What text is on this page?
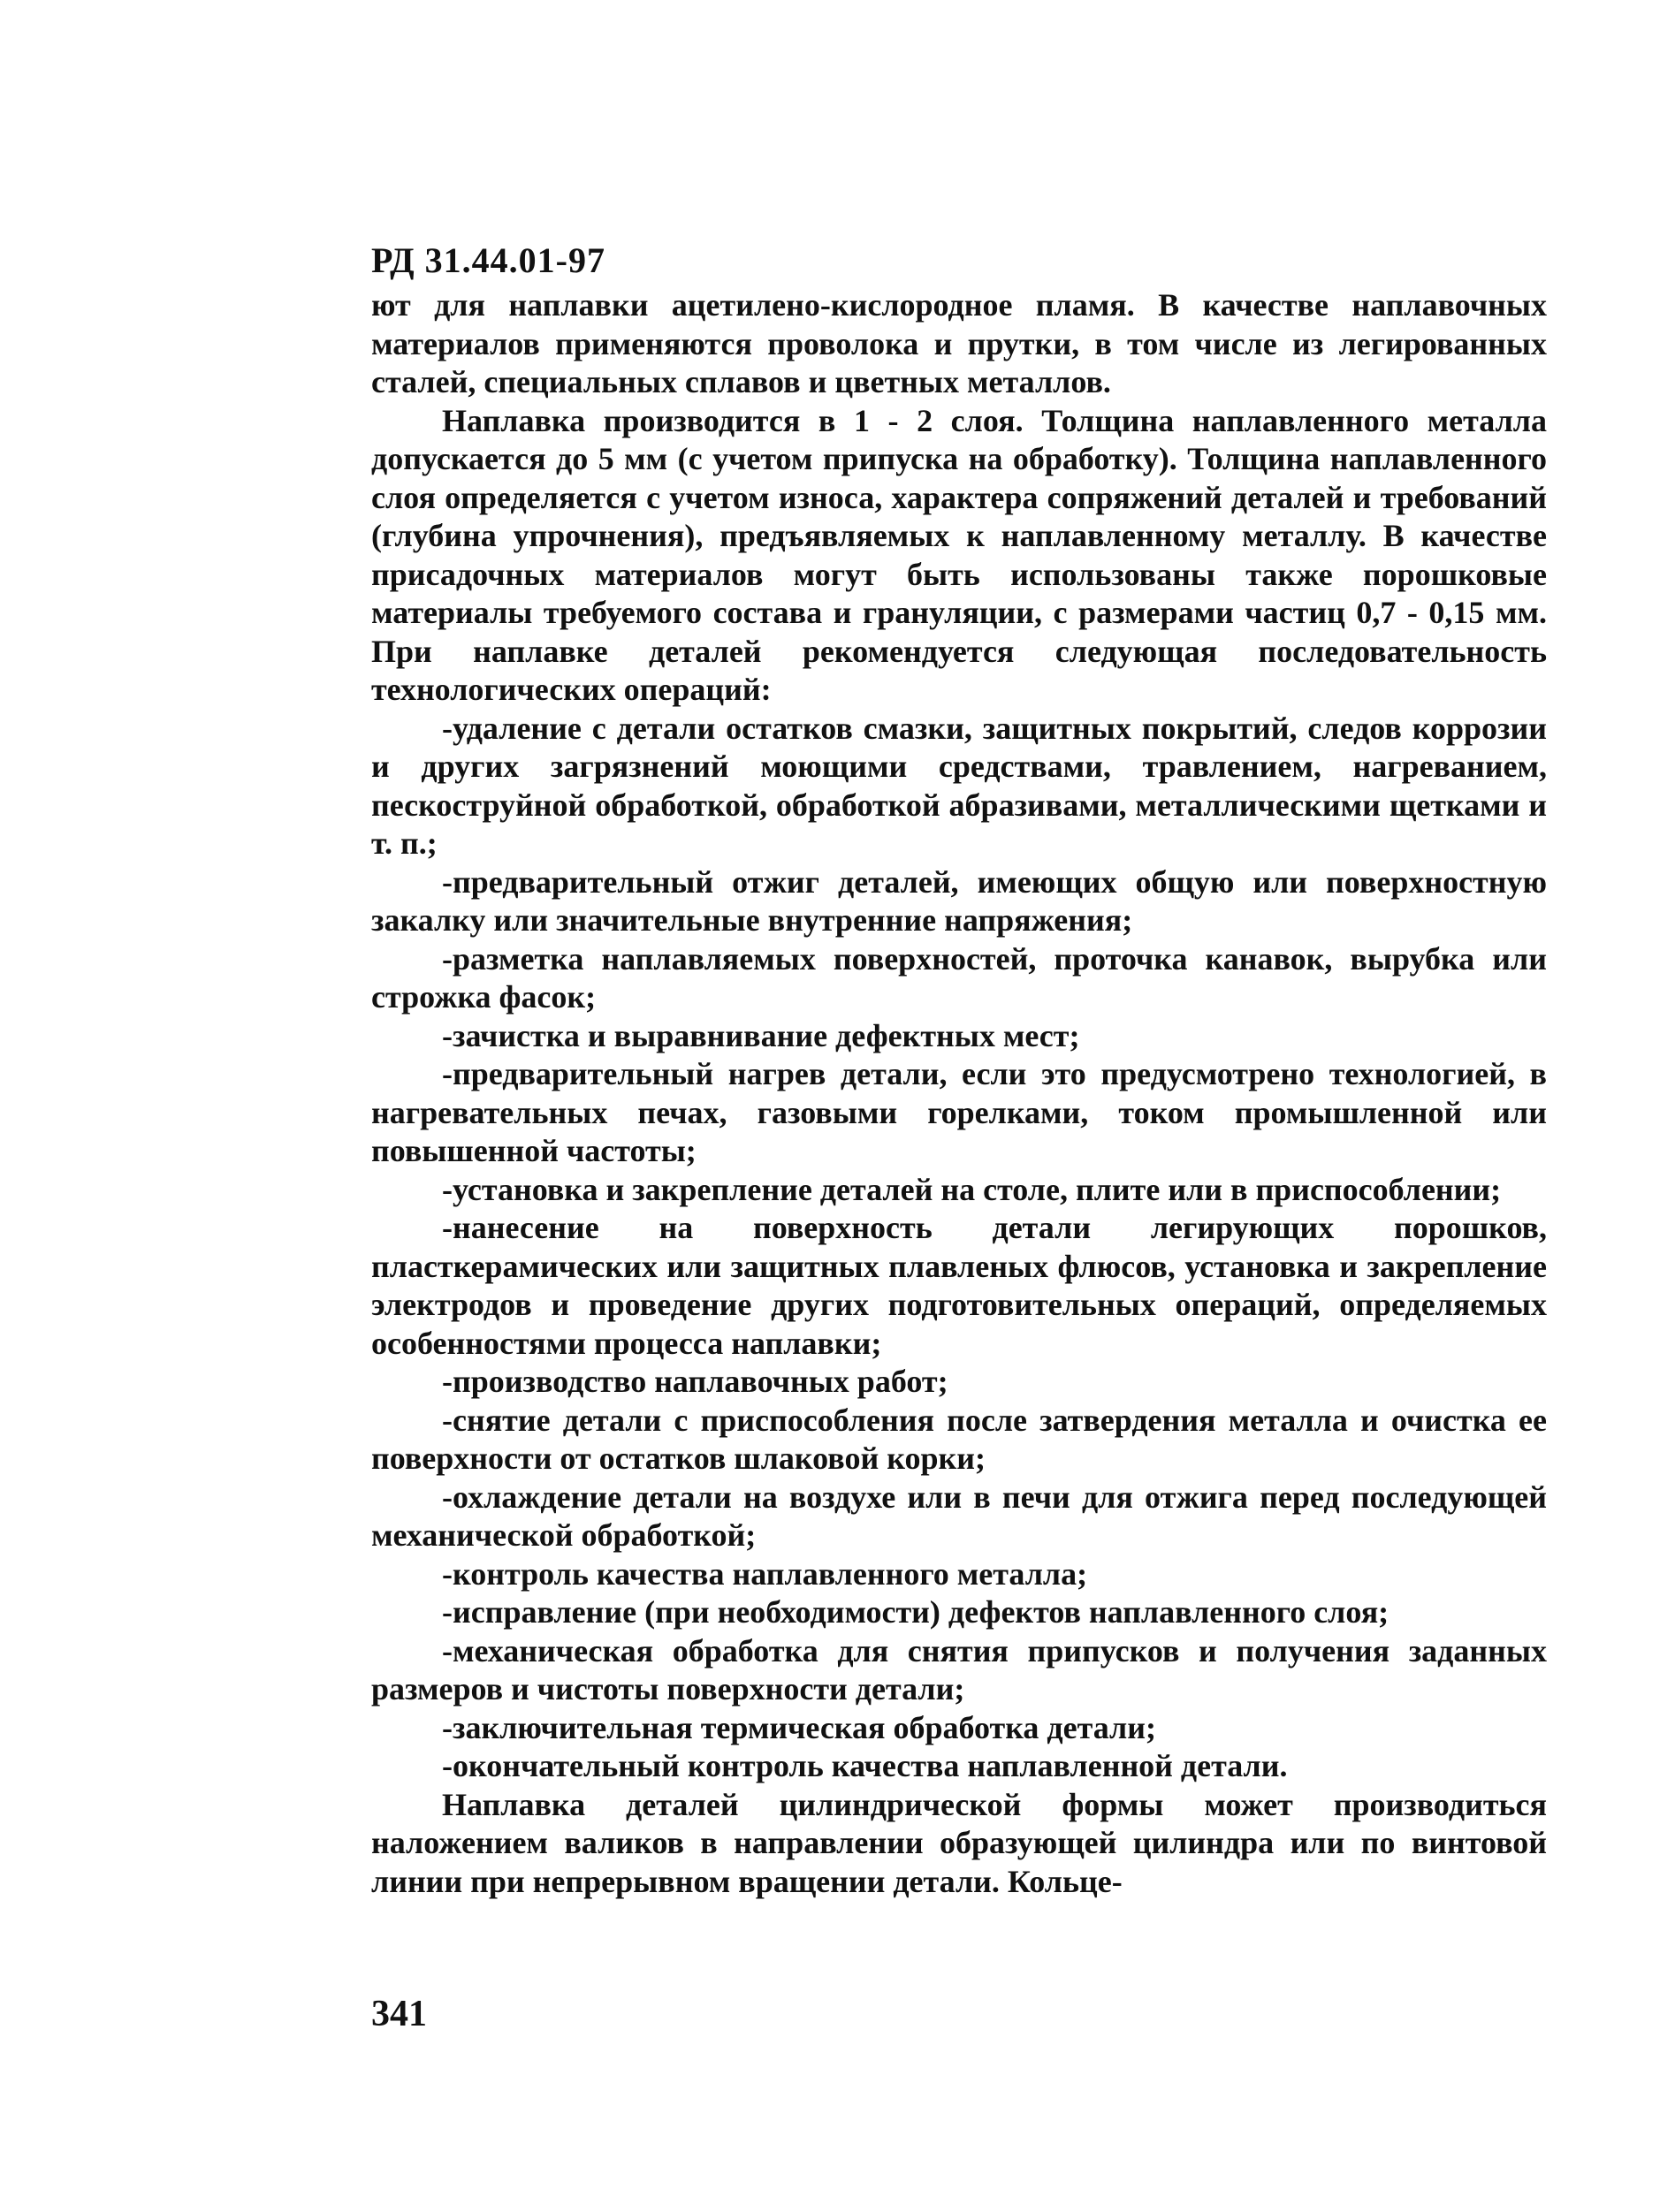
РД 31.44.01-97

ют для наплавки ацетилено-кислородное пламя. В качестве наплавочных материалов применяются проволока и прутки, в том числе из легированных сталей, специальных сплавов и цветных металлов.

Наплавка производится в 1 - 2 слоя. Толщина наплавленного металла допускается до 5 мм (с учетом припуска на обработку). Толщина наплавленного слоя определяется с учетом износа, характера сопряжений деталей и требований (глубина упрочнения), предъявляемых к наплавленному металлу. В качестве присадочных материалов могут быть использованы также порошковые материалы требуемого состава и грануляции, с размерами частиц 0,7 - 0,15 мм. При наплавке деталей рекомендуется следующая последовательность технологических операций:

-удаление с детали остатков смазки, защитных покрытий, следов коррозии и других загрязнений моющими средствами, травлением, нагреванием, пескоструйной обработкой, обработкой абразивами, металлическими щетками и т. п.;

-предварительный отжиг деталей, имеющих общую или поверхностную закалку или значительные внутренние напряжения;

-разметка наплавляемых поверхностей, проточка канавок, вырубка или строжка фасок;

-зачистка и выравнивание дефектных мест;

-предварительный нагрев детали, если это предусмотрено технологией, в нагревательных печах, газовыми горелками, током промышленной или повышенной частоты;

-установка и закрепление деталей на столе, плите или в приспособлении;

-нанесение на поверхность детали легирующих порошков, пласткерамических или защитных плавленых флюсов, установка и закрепление электродов и проведение других подготовительных операций, определяемых особенностями процесса наплавки;

-производство наплавочных работ;

-снятие детали с приспособления после затвердения металла и очистка ее поверхности от остатков шлаковой корки;

-охлаждение детали на воздухе или в печи для отжига перед последующей механической обработкой;

-контроль качества наплавленного металла;

-исправление (при необходимости) дефектов наплавленного слоя;

-механическая обработка для снятия припусков и получения заданных размеров и чистоты поверхности детали;

-заключительная термическая обработка детали;

-окончательный контроль качества наплавленной детали.

Наплавка деталей цилиндрической формы может производиться наложением валиков в направлении образующей цилиндра или по винтовой линии при непрерывном вращении детали. Кольце-

341
